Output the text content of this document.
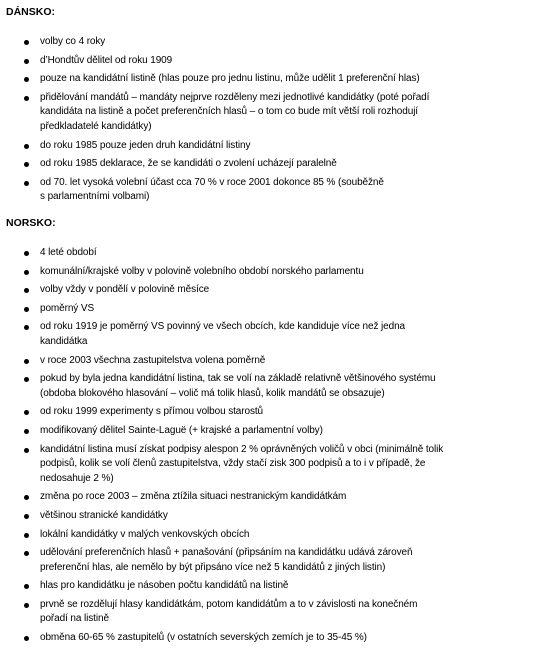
DÁNSKO:
volby co 4 roky
d’Hondtův dělitel od roku 1909
pouze na kandidátní listině (hlas pouze pro jednu listinu, může udělit 1 preferenční hlas)
přidělování mandátů – mandáty nejprve rozděleny mezi jednotlivé kandidátky (poté pořadí
kandidáta na listině a počet preferenčních hlasů – o tom co bude mít větší roli rozhodují
předkladatelé kandidátky)
do roku 1985 pouze jeden druh kandidátní listiny
od roku 1985 deklarace, že se kandidáti o zvolení ucházejí paralelně
od 70. let vysoká volební účast cca 70 % v roce 2001 dokonce 85 % (souběžně
s parlamentními volbami)
NORSKO:
4 leté období
komunální/krajské volby v polovině volebního období norského parlamentu
volby vždy v pondělí v polovině měsíce
poměrný VS
od roku 1919 je poměrný VS povinný ve všech obcích, kde kandiduje více než jedna
kandidátka
v roce 2003 všechna zastupitelstva volena poměrně
pokud by byla jedna kandidátní listina, tak se volí na základě relativně většinového systému
(obdoba blokového hlasování – volič má tolik hlasů, kolik mandátů se obsazuje)
od roku 1999 experimenty s přímou volbou starostů
modifikovaný dělitel Sainte-Laguë (+ krajské a parlamentní volby)
kandidátní listina musí získat podpisy alespon 2 % oprávněných voličů v obci (minimálně tolik
podpisů, kolik se volí členů zastupitelstva, vždy stačí zisk 300 podpisů a to i v případě, že
nedosahuje 2 %)
změna po roce 2003 – změna ztížila situaci nestranickým kandidátkám
většinou stranické kandidátky
lokální kandidátky v malých venkovských obcích
udělování preferenčních hlasů + panašování (připsáním na kandidátku udává zároveň
preferenční hlas, ale nemělo by být připsáno více než 5 kandidátů z jiných listin)
hlas pro kandidátku je násoben počtu kandidátů na listině
prvně se rozdělují hlasy kandidátkám, potom kandidátům a to v závislosti na konečném
pořadí na listině
obměna 60-65 % zastupitelů (v ostatních severských zemích je to 35-45 %)
